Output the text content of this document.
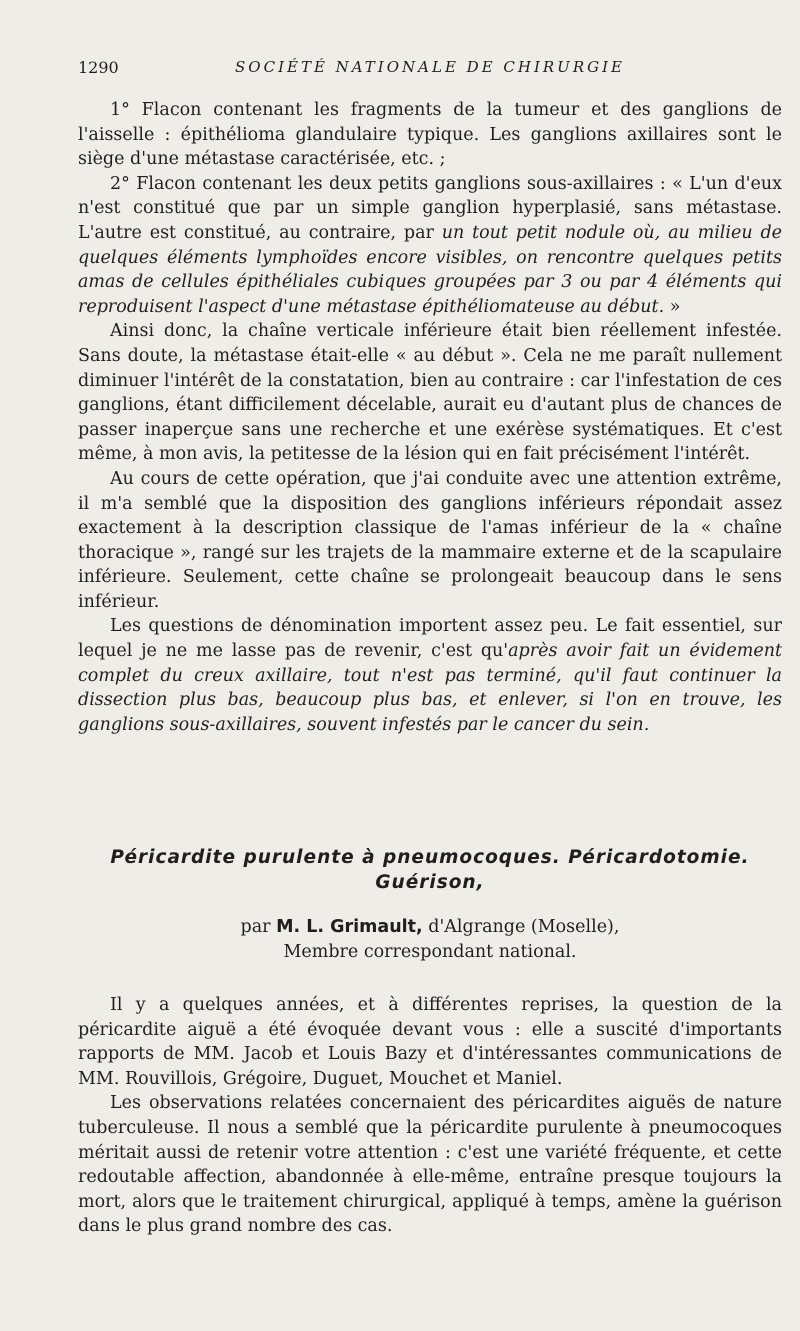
1290	SOCIÉTÉ NATIONALE DE CHIRURGIE

1° Flacon contenant les fragments de la tumeur et des ganglions de l'aisselle : épithélioma glandulaire typique. Les ganglions axillaires sont le siège d'une métastase caractérisée, etc. ;

2° Flacon contenant les deux petits ganglions sous-axillaires : « L'un d'eux n'est constitué que par un simple ganglion hyperplasié, sans métastase. L'autre est constitué, au contraire, par un tout petit nodule où, au milieu de quelques éléments lymphoïdes encore visibles, on rencontre quelques petits amas de cellules épithéliales cubiques groupées par 3 ou par 4 éléments qui reproduisent l'aspect d'une métastase épithéliomateuse au début. »

Ainsi donc, la chaîne verticale inférieure était bien réellement infestée. Sans doute, la métastase était-elle « au début ». Cela ne me paraît nullement diminuer l'intérêt de la constatation, bien au contraire : car l'infestation de ces ganglions, étant difficilement décelable, aurait eu d'autant plus de chances de passer inaperçue sans une recherche et une exérèse systématiques. Et c'est même, à mon avis, la petitesse de la lésion qui en fait précisément l'intérêt.

Au cours de cette opération, que j'ai conduite avec une attention extrême, il m'a semblé que la disposition des ganglions inférieurs répondait assez exactement à la description classique de l'amas inférieur de la « chaîne thoracique », rangé sur les trajets de la mammaire externe et de la scapulaire inférieure. Seulement, cette chaîne se prolongeait beaucoup dans le sens inférieur.

Les questions de dénomination importent assez peu. Le fait essentiel, sur lequel je ne me lasse pas de revenir, c'est qu'après avoir fait un évidement complet du creux axillaire, tout n'est pas terminé, qu'il faut continuer la dissection plus bas, beaucoup plus bas, et enlever, si l'on en trouve, les ganglions sous-axillaires, souvent infestés par le cancer du sein.

Péricardite purulente à pneumocoques. Péricardotomie. Guérison,
par M. L. Grimault, d'Algrange (Moselle),
Membre correspondant national.

Il y a quelques années, et à différentes reprises, la question de la péricardite aiguë a été évoquée devant vous : elle a suscité d'importants rapports de MM. Jacob et Louis Bazy et d'intéressantes communications de MM. Rouvillois, Grégoire, Duguet, Mouchet et Maniel.

Les observations relatées concernaient des péricardites aiguës de nature tuberculeuse. Il nous a semblé que la péricardite purulente à pneumocoques méritait aussi de retenir votre attention : c'est une variété fréquente, et cette redoutable affection, abandonnée à elle-même, entraîne presque toujours la mort, alors que le traitement chirurgical, appliqué à temps, amène la guérison dans le plus grand nombre des cas.
